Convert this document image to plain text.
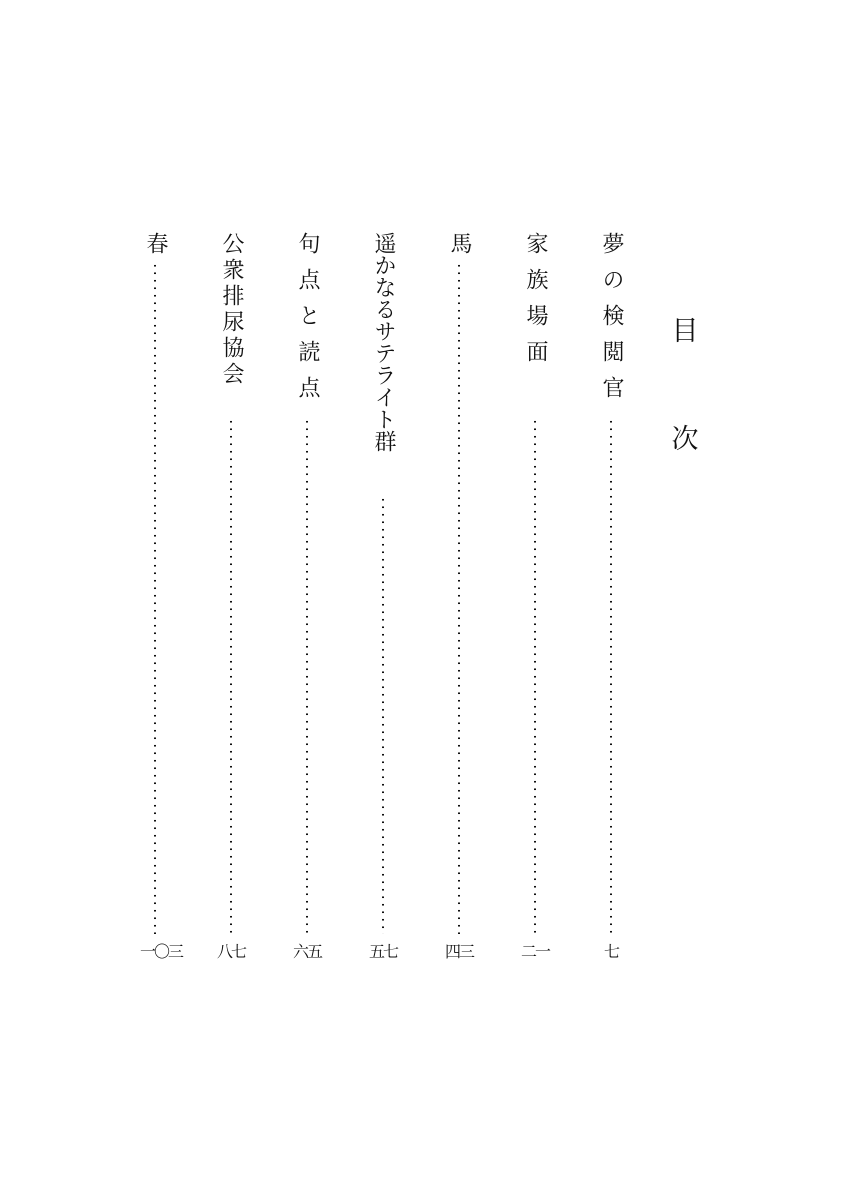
目
次
夢の検閲官
七
家族場面
二一
馬
四三
遥かなるサテライト群
五七
句点と読点
六五
公衆排尿協会
八七
春
一〇三
